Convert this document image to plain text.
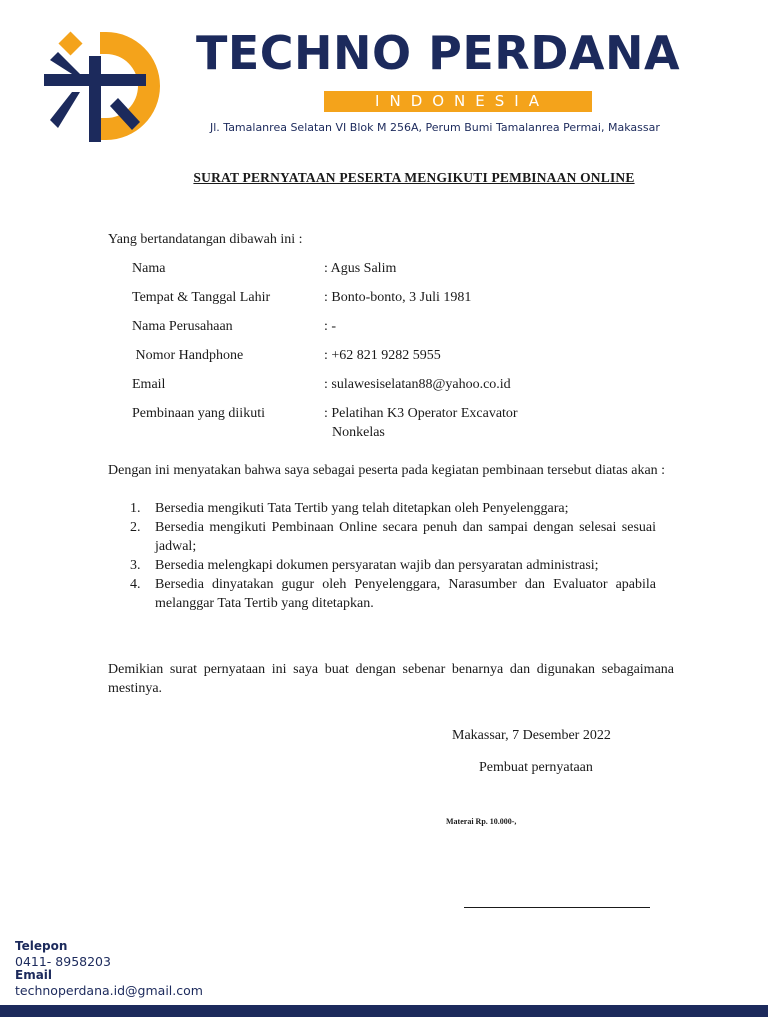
TECHNO PERDANA
INDONESIA
Jl. Tamalanrea Selatan VI Blok M 256A, Perum Bumi Tamalanrea Permai, Makassar
SURAT PERNYATAAN PESERTA MENGIKUTI PEMBINAAN ONLINE
Yang bertandatangan dibawah ini :
Nama	: Agus Salim
Tempat & Tanggal Lahir	: Bonto-bonto, 3 Juli 1981
Nama Perusahaan	: -
Nomor Handphone	: +62 821 9282 5955
Email	: sulawesiselatan88@yahoo.co.id
Pembinaan yang diikuti	: Pelatihan K3 Operator Excavator
Nonkelas
Dengan ini menyatakan bahwa saya sebagai peserta pada kegiatan pembinaan tersebut diatas akan :
1. Bersedia mengikuti Tata Tertib yang telah ditetapkan oleh Penyelenggara;
2. Bersedia mengikuti Pembinaan Online secara penuh dan sampai dengan selesai sesuai jadwal;
3. Bersedia melengkapi dokumen persyaratan wajib dan persyaratan administrasi;
4. Bersedia dinyatakan gugur oleh Penyelenggara, Narasumber dan Evaluator apabila melanggar Tata Tertib yang ditetapkan.
Demikian surat pernyataan ini saya buat dengan sebenar benarnya dan digunakan sebagaimana mestinya.
Makassar, 7 Desember 2022
Pembuat pernyataan
Materai Rp. 10.000-,
Telepon
0411- 8958203
Email
technoperdana.id@gmail.com
